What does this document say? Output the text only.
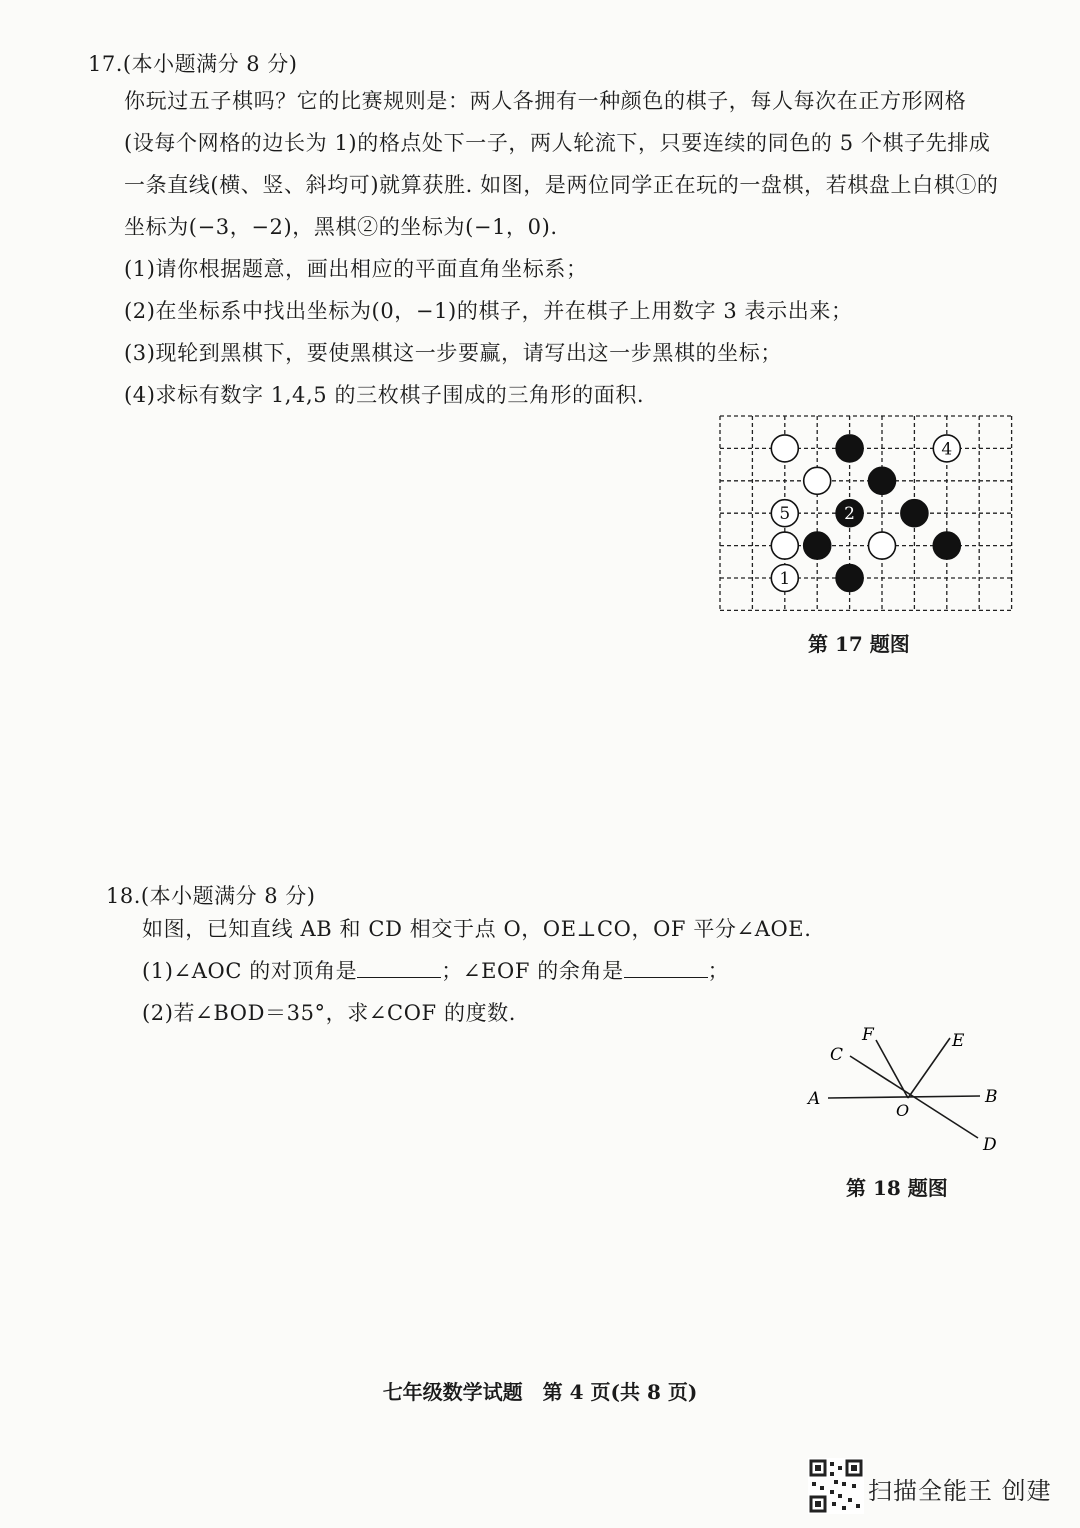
17.(本小题满分 8 分)
你玩过五子棋吗？它的比赛规则是：两人各拥有一种颜色的棋子，每人每次在正方形网格
(设每个网格的边长为 1)的格点处下一子，两人轮流下，只要连续的同色的 5 个棋子先排成
一条直线(横、竖、斜均可)就算获胜. 如图，是两位同学正在玩的一盘棋，若棋盘上白棋①的
坐标为(−3，−2)，黑棋②的坐标为(−1，0).
(1)请你根据题意，画出相应的平面直角坐标系；
(2)在坐标系中找出坐标为(0，−1)的棋子，并在棋子上用数字 3 表示出来；
(3)现轮到黑棋下，要使黑棋这一步要赢，请写出这一步黑棋的坐标；
(4)求标有数字 1,4,5 的三枚棋子围成的三角形的面积.
4
5	2
1
第 17 题图
18.(本小题满分 8 分)
如图，已知直线 AB 和 CD 相交于点 O，OE⊥CO，OF 平分∠AOE.
(1)∠AOC 的对顶角是	；∠EOF 的余角是	；
(2)若∠BOD＝35°，求∠COF 的度数.
A	B
C
D
E
F
O
第 18 题图
七年级数学试题　第 4 页(共 8 页)
扫描全能王 创建
